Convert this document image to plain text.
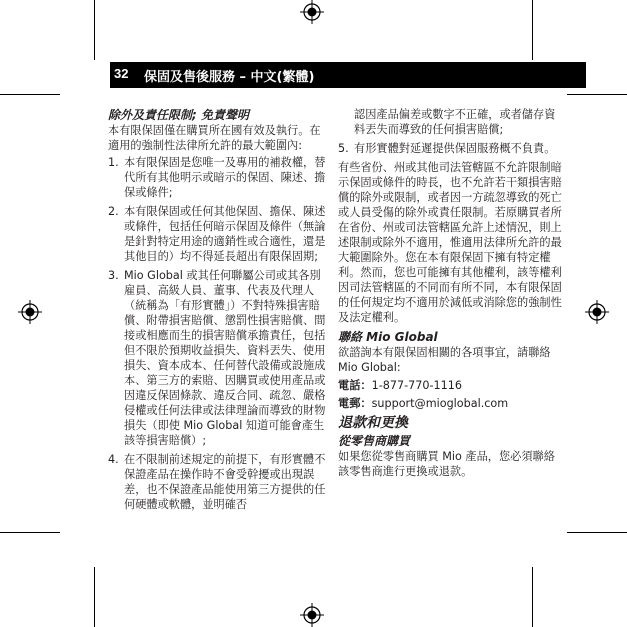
32 保固及售後服務 – 中文(繁體)
除外及責任限制; 免責聲明

本有限保固僅在購買所在國有效及執行。在適用的強制性法律所允許的最大範圍內:

1. 本有限保固是您唯一及專用的補救權，替代所有其他明示或暗示的保固、陳述、擔保或條件;
2. 本有限保固或任何其他保固、擔保、陳述或條件，包括任何暗示保固及條件（無論是針對特定用途的適銷性或合適性，還是其他目的）均不得延長超出有限保固期;
3. Mio Global 或其任何聯屬公司或其各別雇員、高級人員、董事、代表及代理人（統稱為「有形實體」）不對特殊損害賠償、附帶損害賠償、懲罰性損害賠償、間接或相應而生的損害賠償承擔責任，包括但不限於預期收益損失、資料丟失、使用損失、資本成本、任何替代設備或設施成本、第三方的索賠、因購買或使用產品或因違反保固條款、違反合同、疏忽、嚴格侵權或任何法律或法律理論而導致的財物損失（即使 Mio Global 知道可能會產生該等損害賠償）;
4. 在不限制前述規定的前提下，有形實體不保證產品在操作時不會受幹擾或出現誤差，也不保證產品能使用第三方提供的任何硬體或軟體，並明確否

認因產品偏差或數字不正確，或者儲存資料丟失而導致的任何損害賠償;

5. 有形實體對延遲提供保固服務概不負責。

有些省份、州或其他司法管轄區不允許限制暗示保固或條件的時長，也不允許若干類損害賠償的除外或限制，或者因一方疏忽導致的死亡或人員受傷的除外或責任限制。若原購買者所在省份、州或司法管轄區允許上述情況，則上述限制或除外不適用，惟適用法律所允許的最大範圍除外。您在本有限保固下擁有特定權利。然而，您也可能擁有其他權利，該等權利因司法管轄區的不同而有所不同，本有限保固的任何規定均不適用於減低或消除您的強制性及法定權利。

聯絡 Mio Global

欲諮詢本有限保固相關的各項事宜，請聯絡 Mio Global:

電話：1-877-770-1116

電郵：support@mioglobal.com

退款和更換
從零售商購買

如果您從零售商購買 Mio 產品，您必須聯絡該零售商進行更換或退款。
